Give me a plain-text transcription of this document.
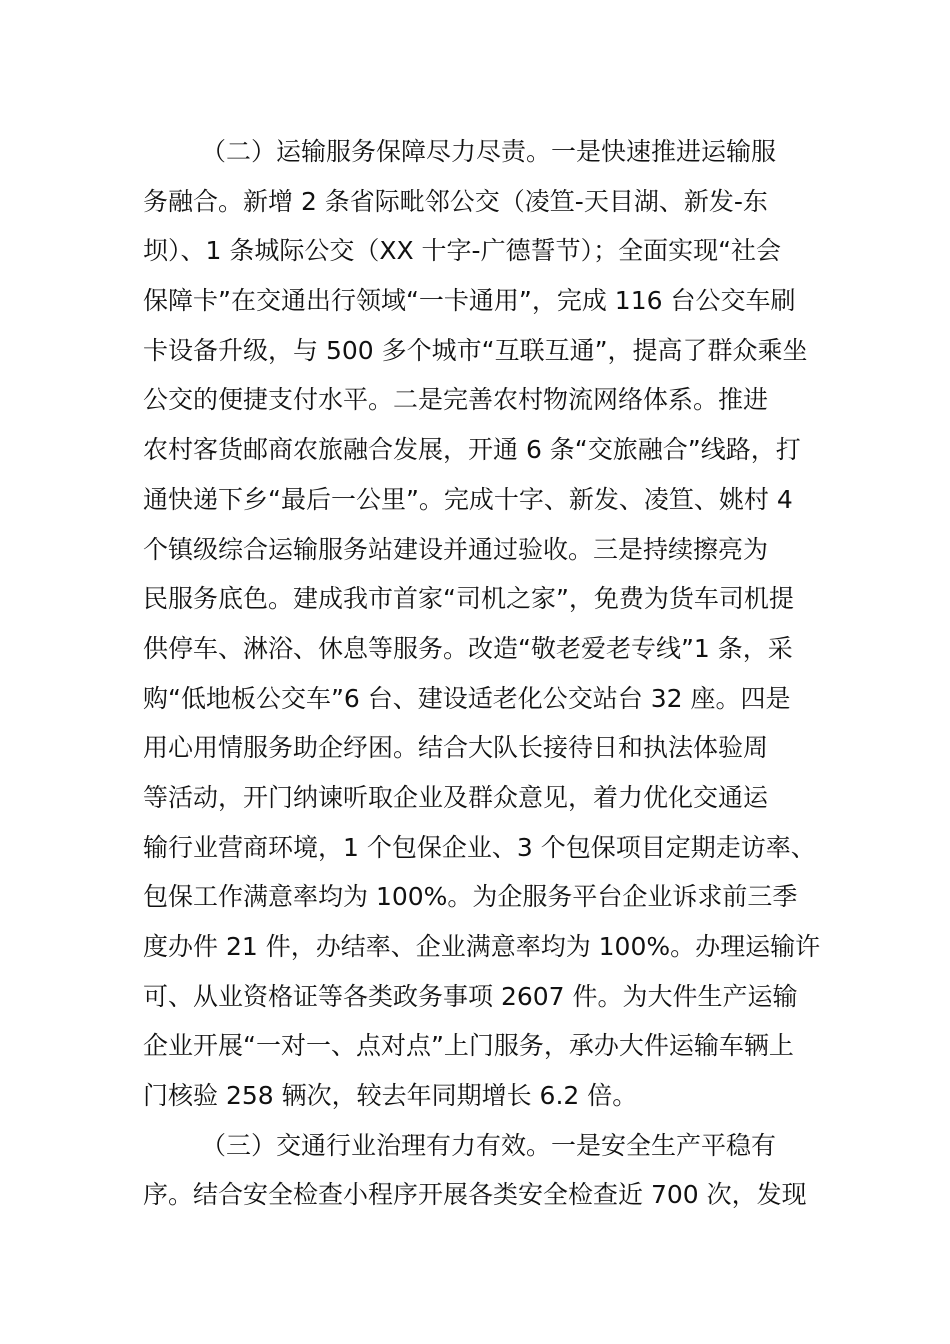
（二）运输服务保障尽力尽责。一是快速推进运输服
务融合。新增 2 条省际毗邻公交（凌笪-天目湖、新发-东
坝）、1 条城际公交（XX 十字-广德誓节）；全面实现“社会
保障卡”在交通出行领域“一卡通用”，完成 116 台公交车刷
卡设备升级，与 500 多个城市“互联互通”，提高了群众乘坐
公交的便捷支付水平。二是完善农村物流网络体系。推进
农村客货邮商农旅融合发展，开通 6 条“交旅融合”线路，打
通快递下乡“最后一公里”。完成十字、新发、凌笪、姚村 4
个镇级综合运输服务站建设并通过验收。三是持续擦亮为
民服务底色。建成我市首家“司机之家”，免费为货车司机提
供停车、淋浴、休息等服务。改造“敬老爱老专线”1 条，采
购“低地板公交车”6 台、建设适老化公交站台 32 座。四是
用心用情服务助企纾困。结合大队长接待日和执法体验周
等活动，开门纳谏听取企业及群众意见，着力优化交通运
输行业营商环境，1 个包保企业、3 个包保项目定期走访率、
包保工作满意率均为 100%。为企服务平台企业诉求前三季
度办件 21 件，办结率、企业满意率均为 100%。办理运输许
可、从业资格证等各类政务事项 2607 件。为大件生产运输
企业开展“一对一、点对点”上门服务，承办大件运输车辆上
门核验 258 辆次，较去年同期增长 6.2 倍。
（三）交通行业治理有力有效。一是安全生产平稳有
序。结合安全检查小程序开展各类安全检查近 700 次，发现
